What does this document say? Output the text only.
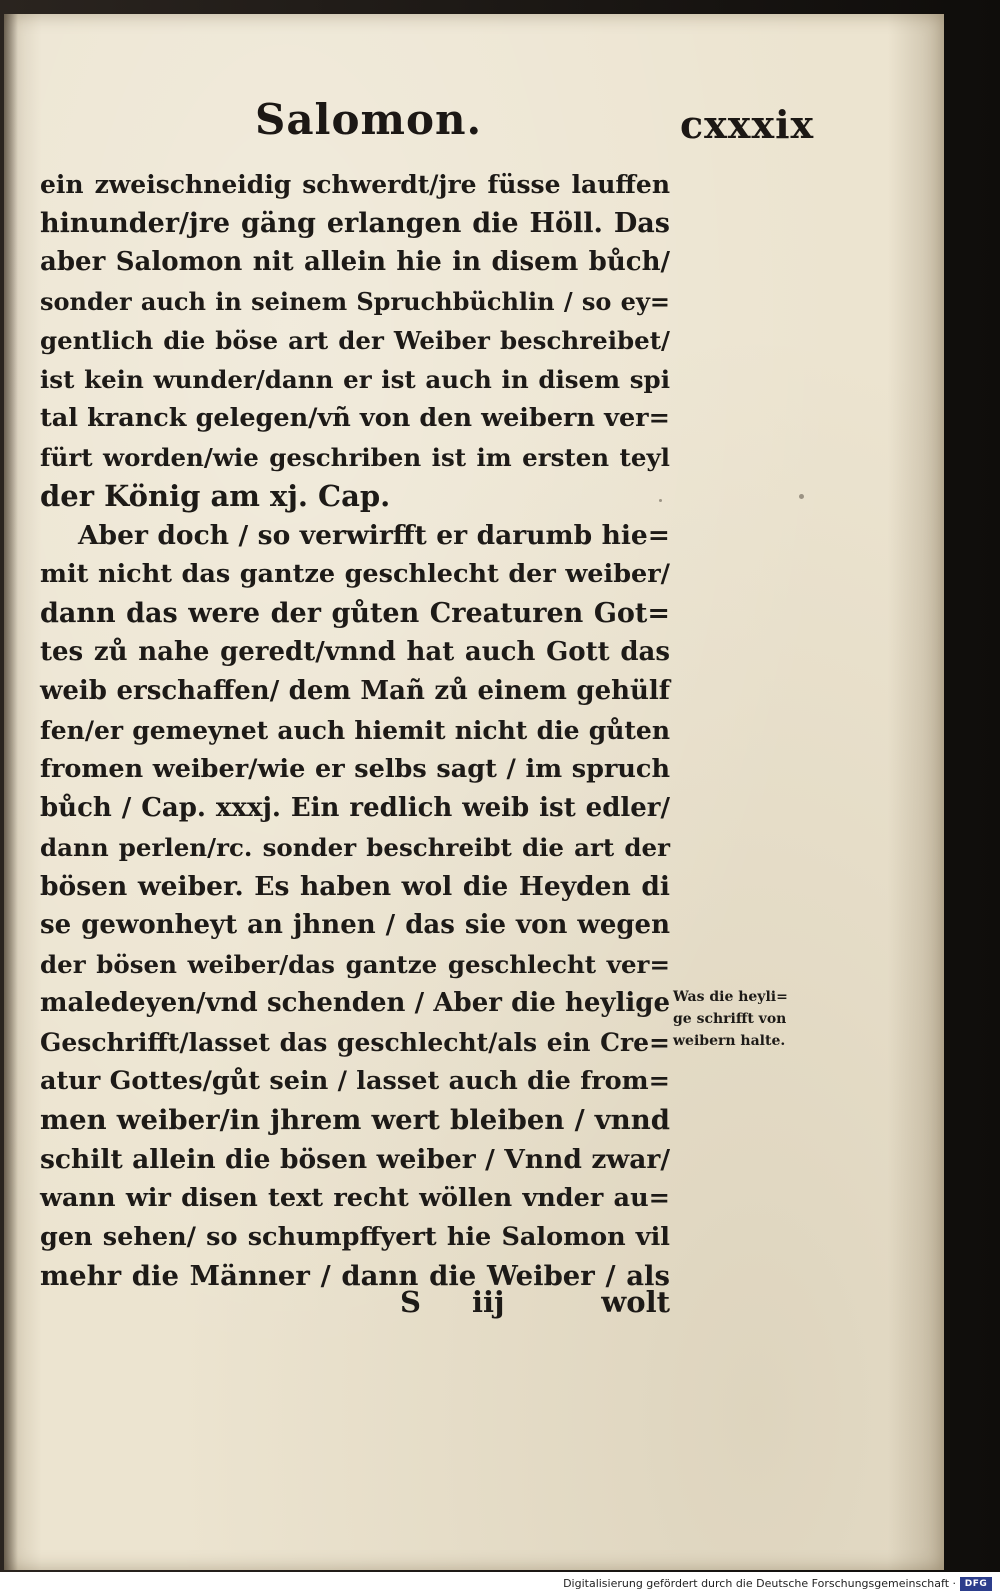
Salomon.	cxxxix
ein zweischneidig schwerdt/jre füsse lauffen
hinunder/jre gäng erlangen die Höll. Das
aber Salomon nit allein hie in disem bůch/
sonder auch in seinem Spruchbüchlin / so ey=
gentlich die böse art der Weiber beschreibet/
ist kein wunder/dann er ist auch in disem spi
tal kranck gelegen/vñ von den weibern ver=
fürt worden/wie geschriben ist im ersten teyl
der König am xj. Cap.
Aber doch / so verwirfft er darumb hie=
mit nicht das gantze geschlecht der weiber/
dann das were der gůten Creaturen Got=
tes zů nahe geredt/vnnd hat auch Gott das
weib erschaffen/ dem Mañ zů einem gehülf
fen/er gemeynet auch hiemit nicht die gůten
fromen weiber/wie er selbs sagt / im spruch
bůch / Cap. xxxj. Ein redlich weib ist edler/
dann perlen/rc. sonder beschreibt die art der
bösen weiber. Es haben wol die Heyden di
se gewonheyt an jhnen / das sie von wegen
der bösen weiber/das gantze geschlecht ver=
maledeyen/vnd schenden / Aber die heylige
Geschrifft/lasset das geschlecht/als ein Cre=
atur Gottes/gůt sein / lasset auch die from=
men weiber/in jhrem wert bleiben / vnnd
schilt allein die bösen weiber / Vnnd zwar/
wann wir disen text recht wöllen vnder au=
gen sehen/ so schumpffyert hie Salomon vil
mehr die Männer / dann die Weiber / als
Was die heyli=
ge schrifft von
weibern halte.
S iij	wolt
Digitalisierung gefördert durch die Deutsche Forschungsgemeinschaft · DFG
